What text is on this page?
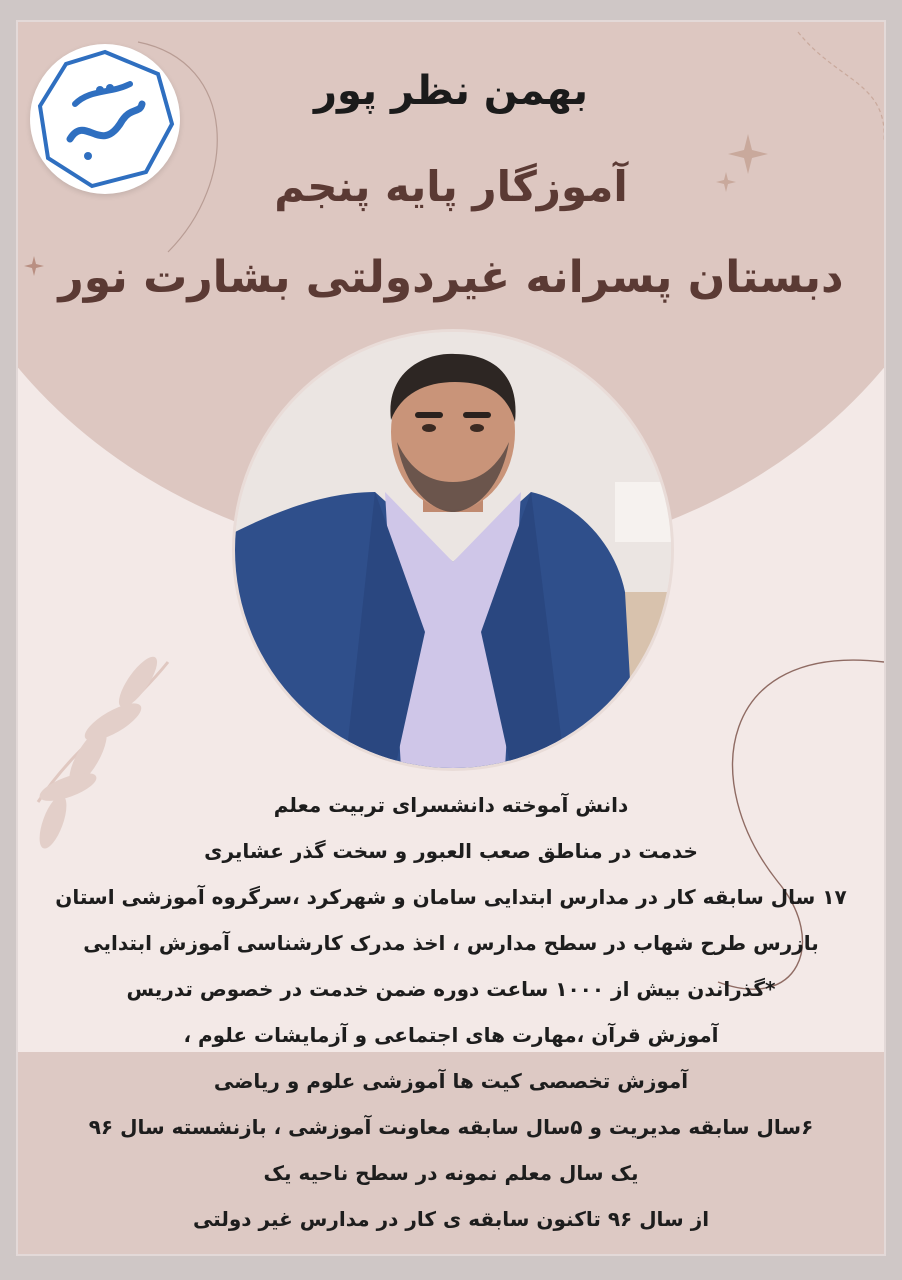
بهمن نظر پور
آموزگار پایه پنجم
دبستان پسرانه غیردولتی بشارت نور
دانش آموخته دانشسرای تربیت معلم
خدمت در مناطق صعب العبور و سخت گذر عشایری
۱۷ سال سابقه کار در مدارس ابتدایی سامان و شهرکرد ،سرگروه آموزشی استان
بازرس طرح شهاب در سطح مدارس ، اخذ مدرک کارشناسی آموزش ابتدایی
*گذراندن بیش از ۱۰۰۰ ساعت دوره ضمن خدمت در خصوص تدریس
آموزش قرآن ،مهارت های اجتماعی و آزمایشات علوم ،
آموزش تخصصی کیت ها آموزشی علوم و ریاضی
۶سال سابقه مدیریت و ۵سال سابقه معاونت آموزشی ، بازنشسته سال ۹۶
یک سال معلم نمونه در سطح ناحیه یک
از سال ۹۶ تاکنون سابقه ی کار در مدارس غیر دولتی
